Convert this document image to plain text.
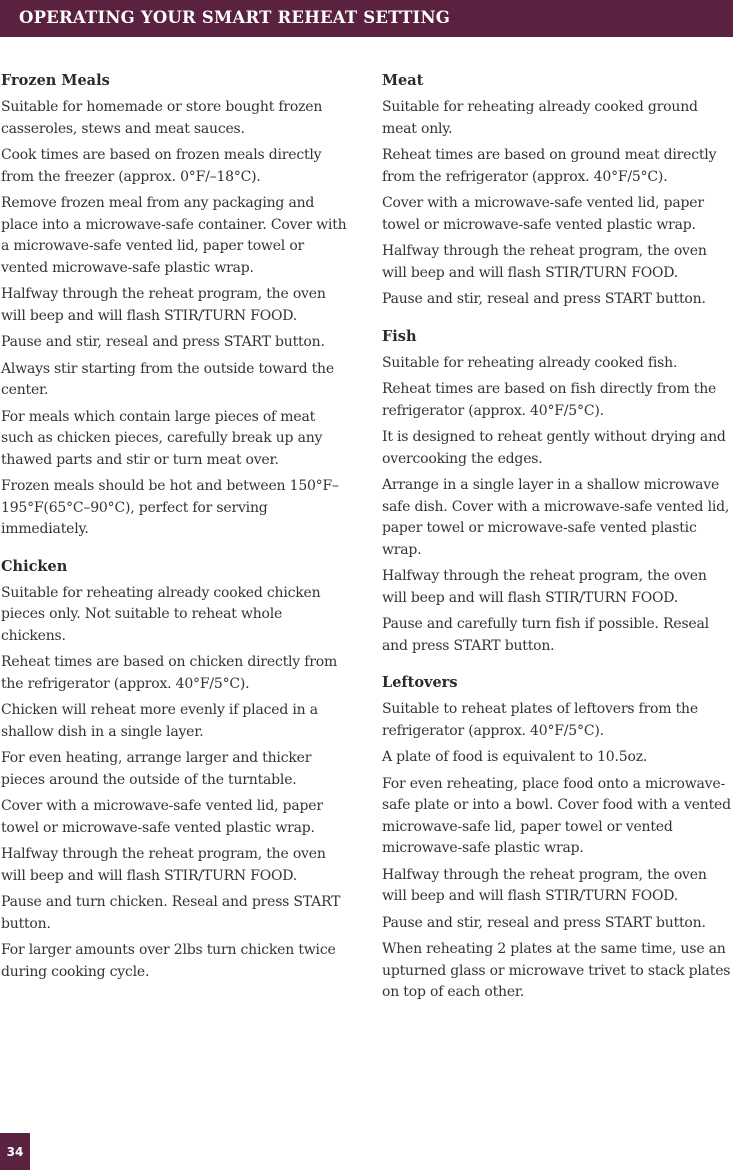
OPERATING YOUR SMART REHEAT SETTING
Frozen Meals

Suitable for homemade or store bought frozen casseroles, stews and meat sauces.

Cook times are based on frozen meals directly from the freezer (approx. 0°F/–18°C).

Remove frozen meal from any packaging and place into a microwave-safe container. Cover with a microwave-safe vented lid, paper towel or vented microwave-safe plastic wrap.

Halfway through the reheat program, the oven will beep and will flash STIR/TURN FOOD.

Pause and stir, reseal and press START button.

Always stir starting from the outside toward the center.

For meals which contain large pieces of meat such as chicken pieces, carefully break up any thawed parts and stir or turn meat over.

Frozen meals should be hot and between 150°F– 195°F(65°C–90°C), perfect for serving immediately.

Chicken

Suitable for reheating already cooked chicken pieces only. Not suitable to reheat whole chickens.

Reheat times are based on chicken directly from the refrigerator (approx. 40°F/5°C).

Chicken will reheat more evenly if placed in a shallow dish in a single layer.

For even heating, arrange larger and thicker pieces around the outside of the turntable.

Cover with a microwave-safe vented lid, paper towel or microwave-safe vented plastic wrap.

Halfway through the reheat program, the oven will beep and will flash STIR/TURN FOOD.

Pause and turn chicken. Reseal and press START button.

For larger amounts over 2lbs turn chicken twice during cooking cycle.

Meat

Suitable for reheating already cooked ground meat only.

Reheat times are based on ground meat directly from the refrigerator (approx. 40°F/5°C).

Cover with a microwave-safe vented lid, paper towel or microwave-safe vented plastic wrap.

Halfway through the reheat program, the oven will beep and will flash STIR/TURN FOOD.

Pause and stir, reseal and press START button.

Fish

Suitable for reheating already cooked fish.

Reheat times are based on fish directly from the refrigerator (approx. 40°F/5°C).

It is designed to reheat gently without drying and overcooking the edges.

Arrange in a single layer in a shallow microwave safe dish. Cover with a microwave-safe vented lid, paper towel or microwave-safe vented plastic wrap.

Halfway through the reheat program, the oven will beep and will flash STIR/TURN FOOD.

Pause and carefully turn fish if possible. Reseal and press START button.

Leftovers

Suitable to reheat plates of leftovers from the refrigerator (approx. 40°F/5°C).

A plate of food is equivalent to 10.5oz.

For even reheating, place food onto a microwave-safe plate or into a bowl. Cover food with a vented microwave-safe lid, paper towel or vented microwave-safe plastic wrap.

Halfway through the reheat program, the oven will beep and will flash STIR/TURN FOOD.

Pause and stir, reseal and press START button.

When reheating 2 plates at the same time, use an upturned glass or microwave trivet to stack plates on top of each other.

34
